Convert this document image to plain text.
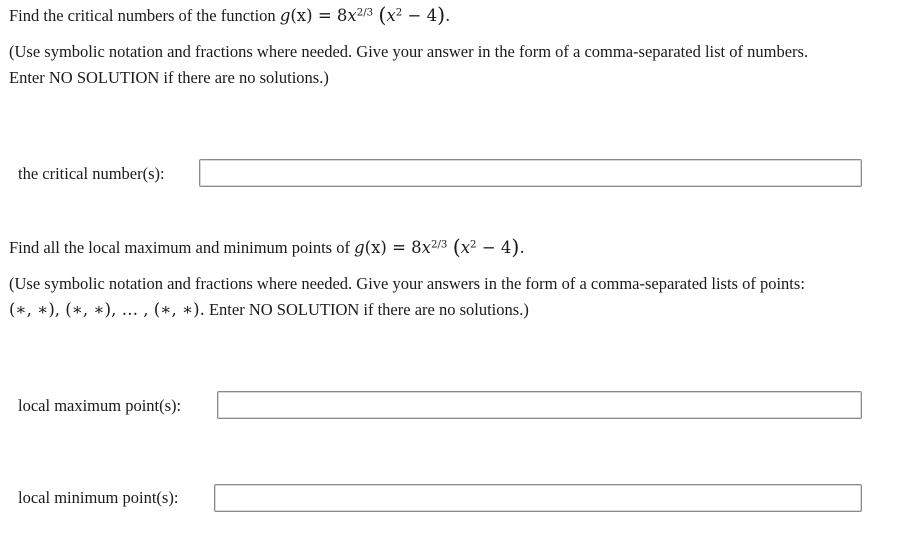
Find the critical numbers of the function $g(x) = 8x^{2/3}$ $(x^2 - 4)$.
(Use symbolic notation and fractions where needed. Give your answer in the form of a comma-separated list of numbers.
Enter NO SOLUTION if there are no solutions.)
the critical number(s):
Find all the local maximum and minimum points of $g(x) = 8x^{2/3}$ $(x^2 - 4)$.
(Use symbolic notation and fractions where needed. Give your answers in the form of a comma-separated lists of points:
(∗, ∗), (∗, ∗), … , (∗, ∗). Enter NO SOLUTION if there are no solutions.)
local maximum point(s):
local minimum point(s):
